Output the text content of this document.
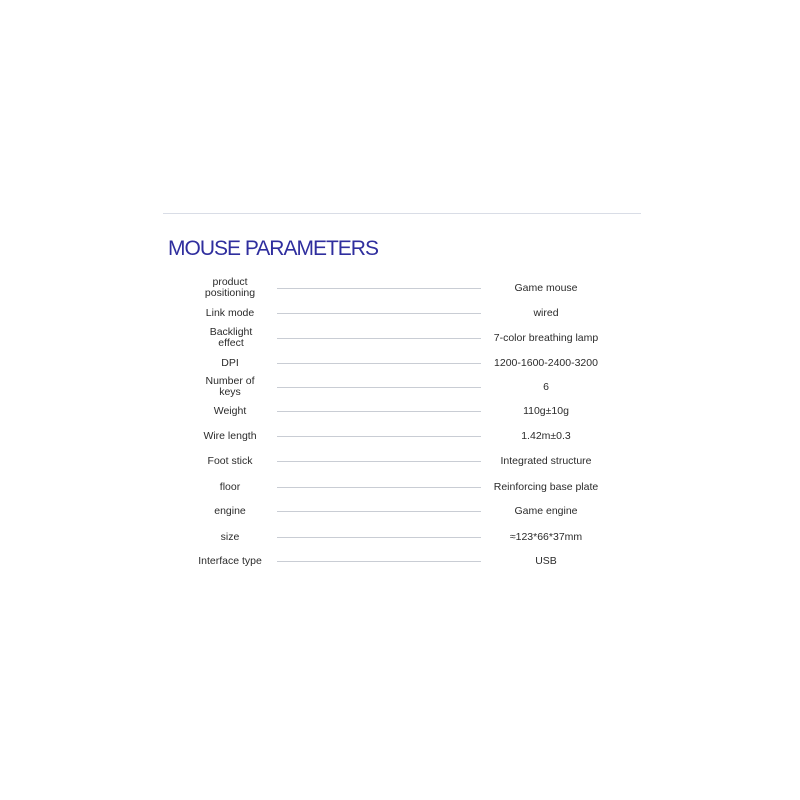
MOUSE PARAMETERS
product positioning	Game mouse
Link mode	wired
Backlight effect	7-color breathing lamp
DPI	1200-1600-2400-3200
Number of keys	6
Weight	110g±10g
Wire length	1.42m±0.3
Foot stick	Integrated structure
floor	Reinforcing base plate
engine	Game engine
size	≈123*66*37mm
Interface type	USB
